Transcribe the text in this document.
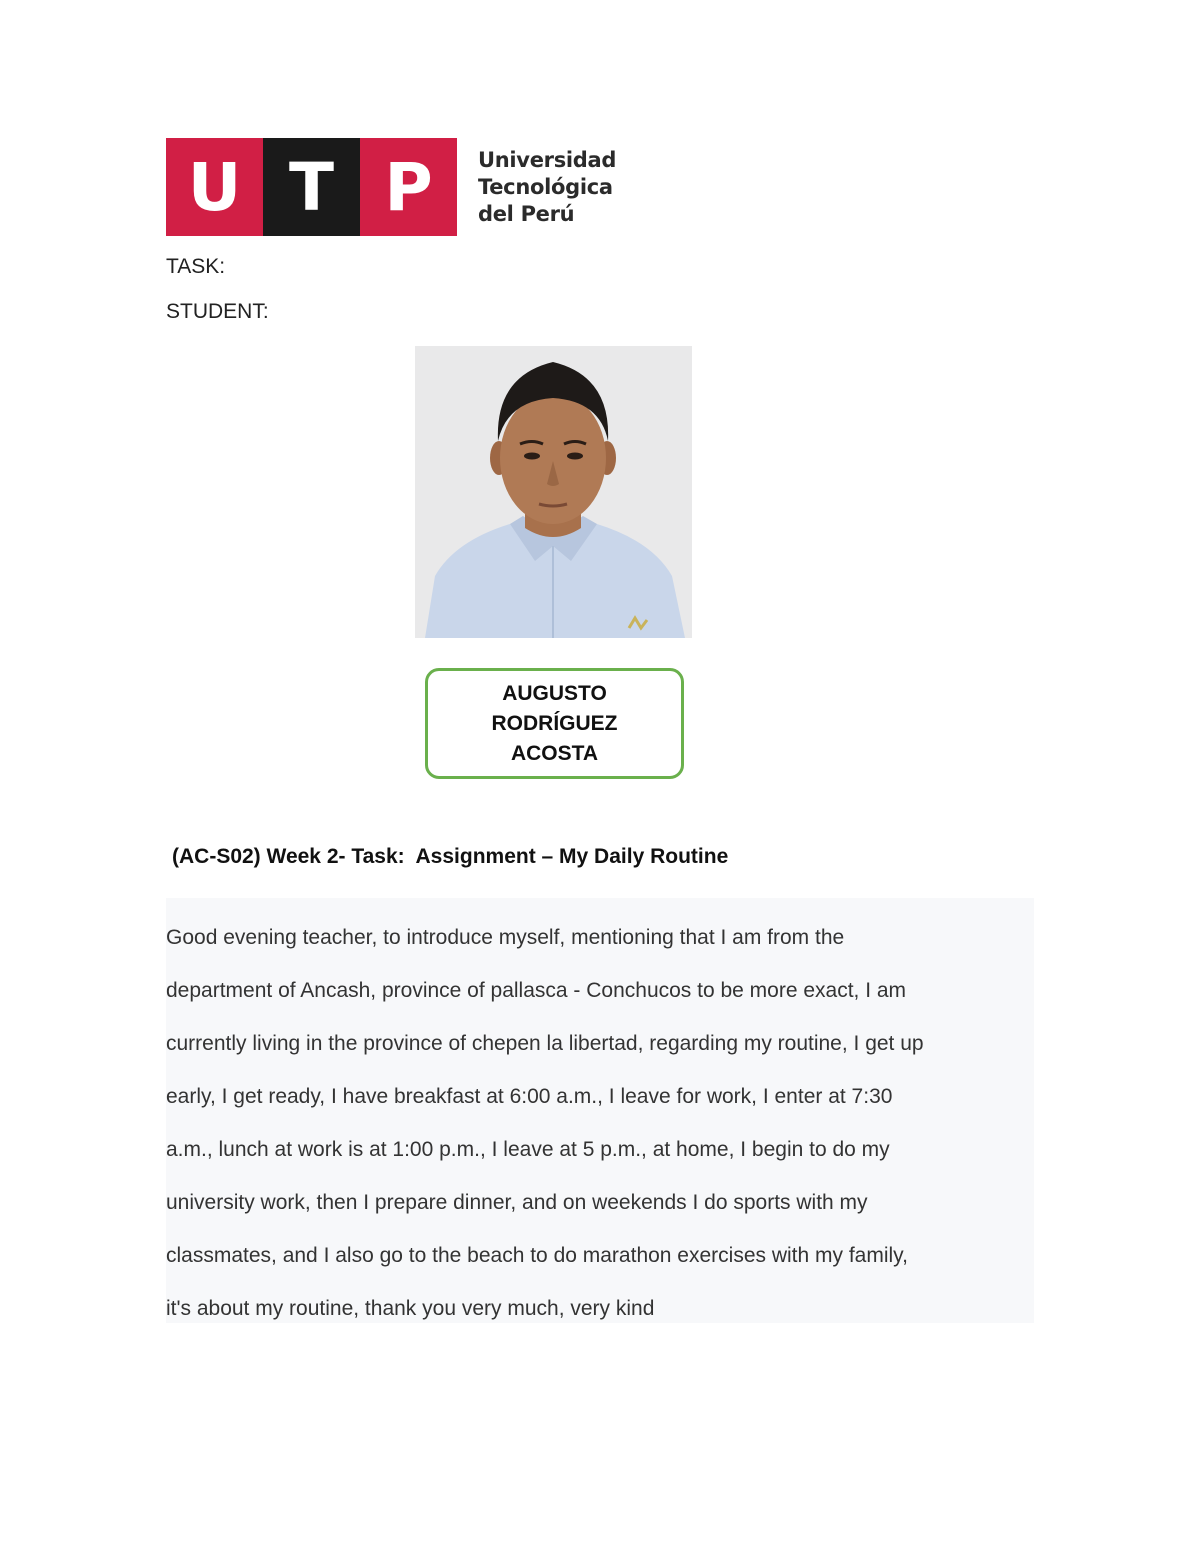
U T P	Universidad
Tecnológica
del Perú
TASK:
STUDENT:
AUGUSTO
RODRÍGUEZ
ACOSTA
(AC-S02) Week 2- Task:  Assignment – My Daily Routine
Good evening teacher, to introduce myself, mentioning that I am from the
department of Ancash, province of pallasca - Conchucos to be more exact, I am
currently living in the province of chepen la libertad, regarding my routine, I get up
early, I get ready, I have breakfast at 6:00 a.m., I leave for work, I enter at 7:30
a.m., lunch at work is at 1:00 p.m., I leave at 5 p.m., at home, I begin to do my
university work, then I prepare dinner, and on weekends I do sports with my
classmates, and I also go to the beach to do marathon exercises with my family,
it's about my routine, thank you very much, very kind
